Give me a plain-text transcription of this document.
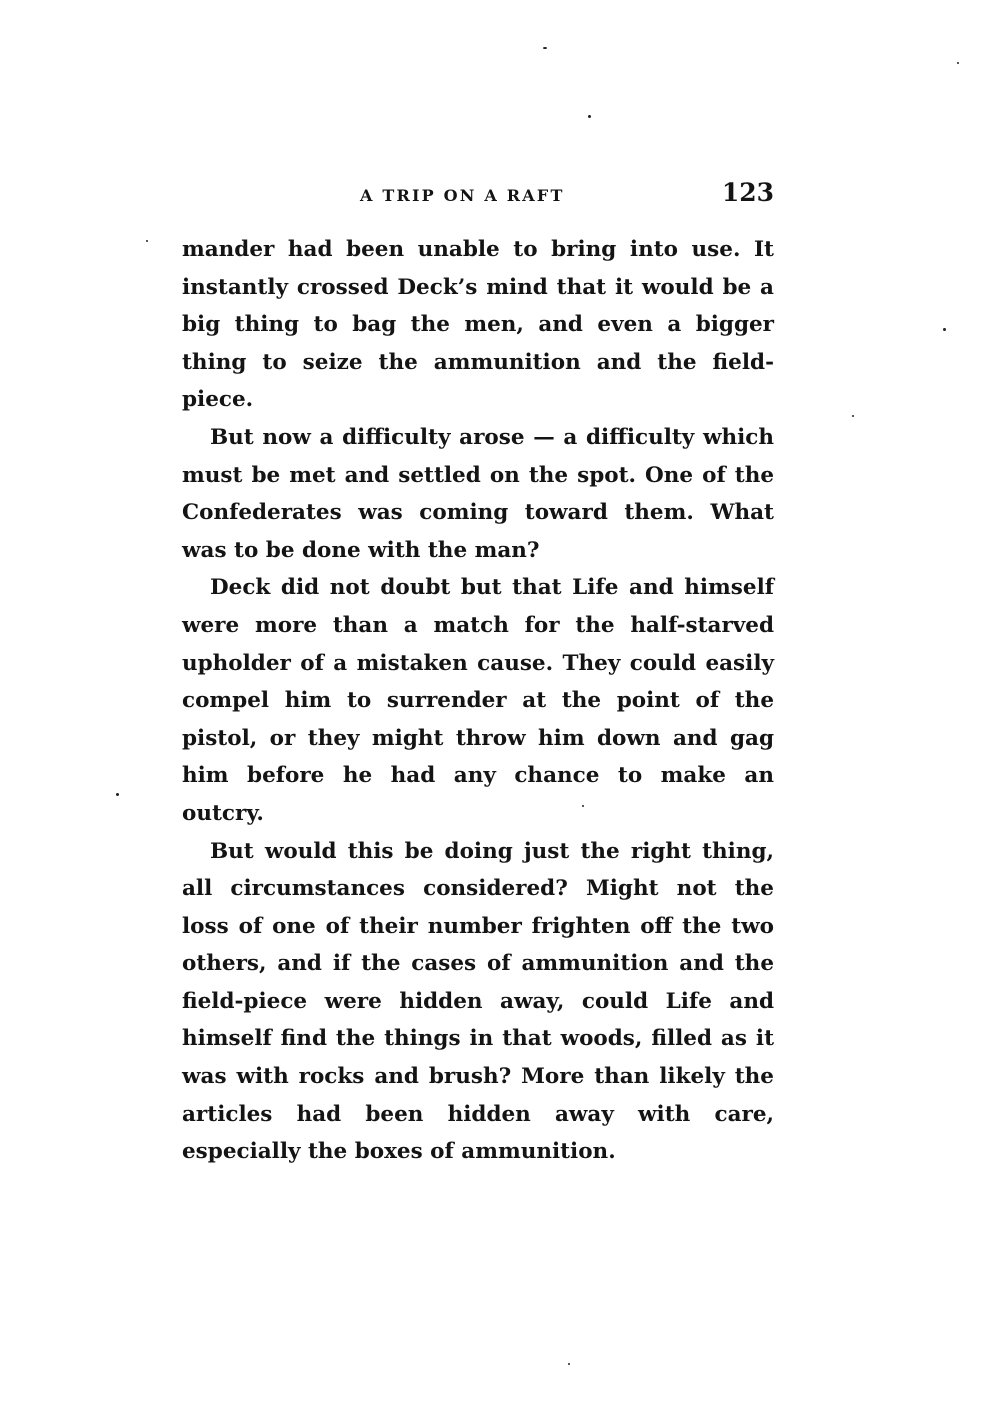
A TRIP ON A RAFT	123

mander had been unable to bring into use. It instantly crossed Deck’s mind that it would be a big thing to bag the men, and even a bigger thing to seize the ammunition and the field-piece.

But now a difficulty arose — a difficulty which must be met and settled on the spot. One of the Confederates was coming toward them. What was to be done with the man?

Deck did not doubt but that Life and himself were more than a match for the half-starved upholder of a mistaken cause. They could easily compel him to surrender at the point of the pistol, or they might throw him down and gag him before he had any chance to make an outcry.

But would this be doing just the right thing, all circumstances considered? Might not the loss of one of their number frighten off the two others, and if the cases of ammunition and the field-piece were hidden away, could Life and himself find the things in that woods, filled as it was with rocks and brush? More than likely the articles had been hidden away with care, especially the boxes of ammunition.
